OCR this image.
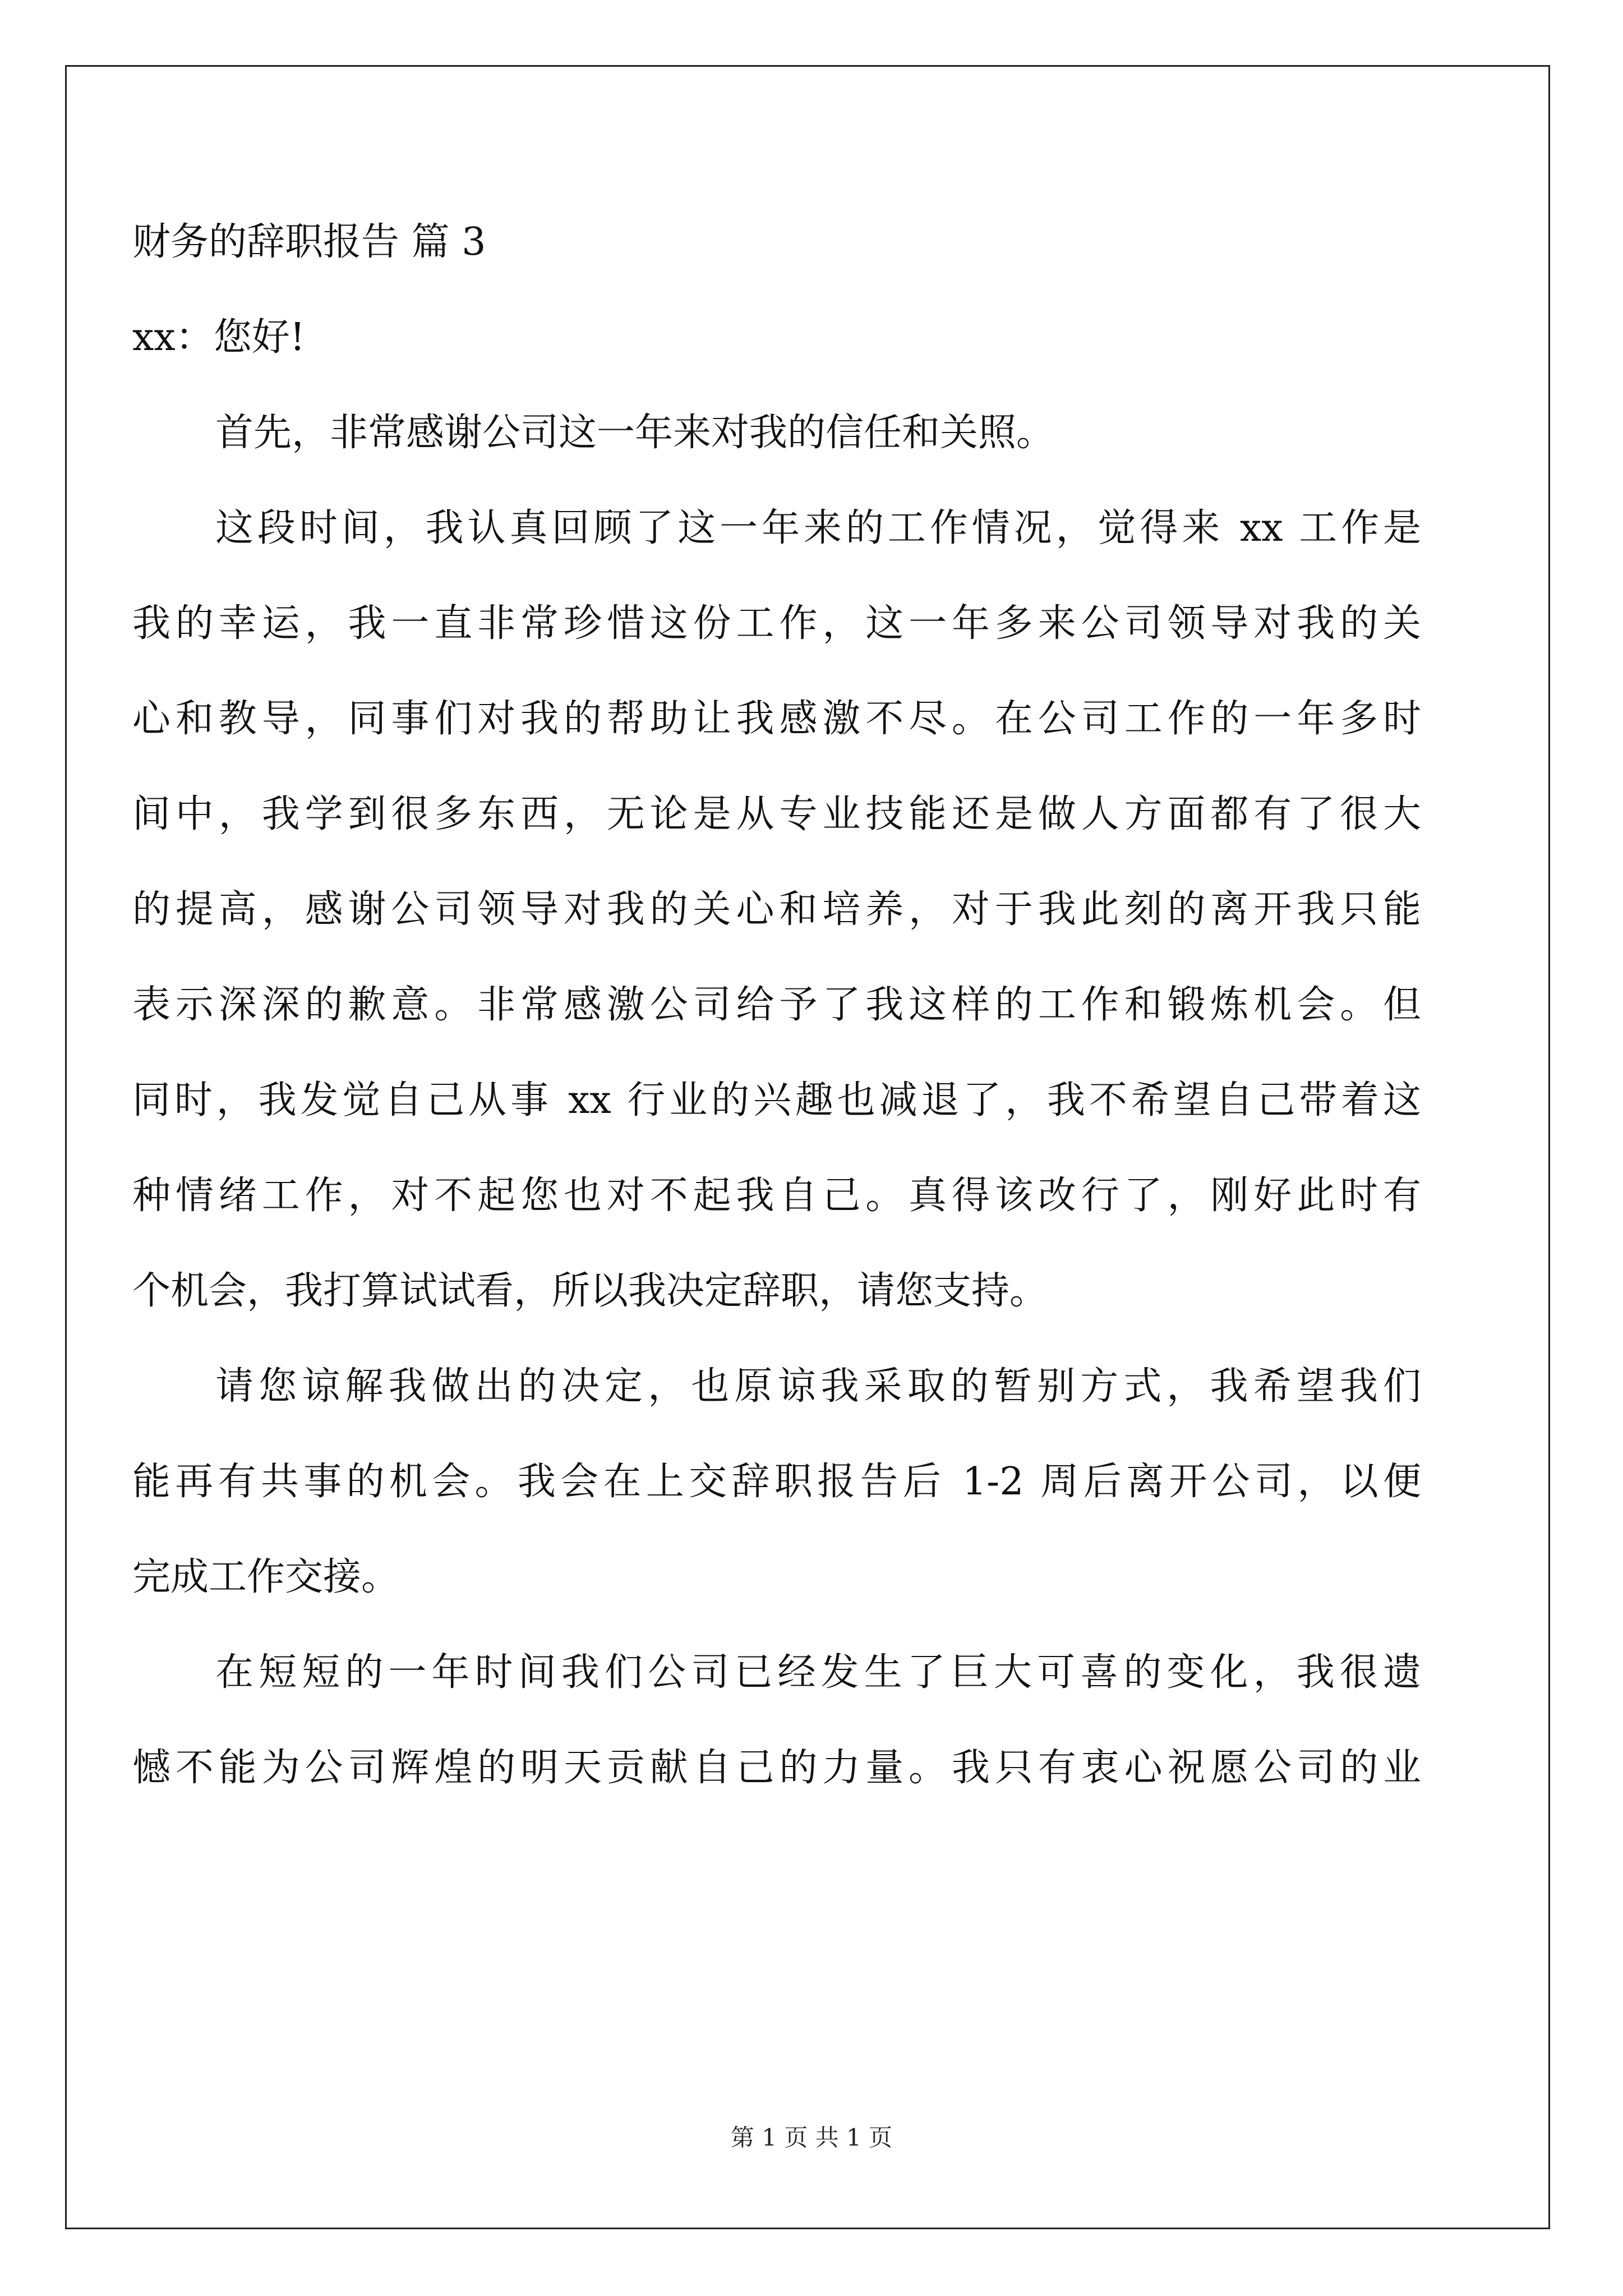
财务的辞职报告 篇 3
xx：您好!
首先，非常感谢公司这一年来对我的信任和关照。
这段时间，我认真回顾了这一年来的工作情况，觉得来 xx 工作是
我的幸运，我一直非常珍惜这份工作，这一年多来公司领导对我的关
心和教导，同事们对我的帮助让我感激不尽。在公司工作的一年多时
间中，我学到很多东西，无论是从专业技能还是做人方面都有了很大
的提高，感谢公司领导对我的关心和培养，对于我此刻的离开我只能
表示深深的歉意。非常感激公司给予了我这样的工作和锻炼机会。但
同时，我发觉自己从事 xx 行业的兴趣也减退了，我不希望自己带着这
种情绪工作，对不起您也对不起我自己。真得该改行了，刚好此时有
个机会，我打算试试看，所以我决定辞职，请您支持。
请您谅解我做出的决定，也原谅我采取的暂别方式，我希望我们
能再有共事的机会。我会在上交辞职报告后 1-2 周后离开公司，以便
完成工作交接。
在短短的一年时间我们公司已经发生了巨大可喜的变化，我很遗
憾不能为公司辉煌的明天贡献自己的力量。我只有衷心祝愿公司的业
第 1 页 共 1 页
